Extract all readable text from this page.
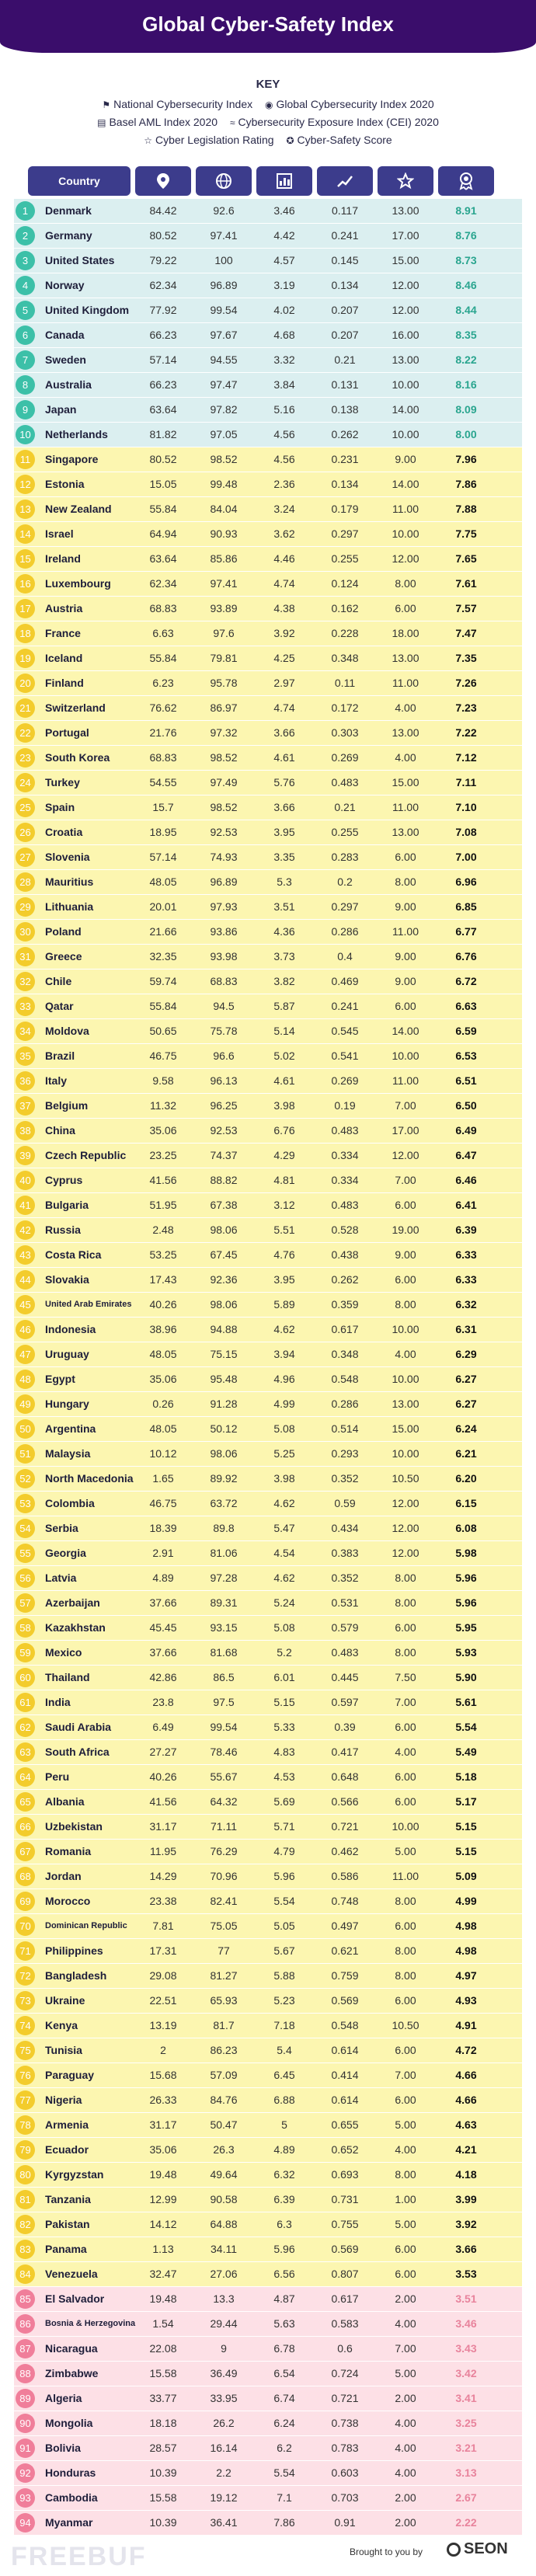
Global Cyber-Safety Index
KEY
⚑ National Cybersecurity Index ◉ Global Cybersecurity Index 2020
▤ Basel AML Index 2020 ≈ Cybersecurity Exposure Index (CEI) 2020
☆ Cyber Legislation Rating ✪ Cyber-Safety Score
Country
1	Denmark	84.42	92.6	3.46	0.117	13.00	8.91
2	Germany	80.52	97.41	4.42	0.241	17.00	8.76
3	United States	79.22	100	4.57	0.145	15.00	8.73
4	Norway	62.34	96.89	3.19	0.134	12.00	8.46
5	United Kingdom	77.92	99.54	4.02	0.207	12.00	8.44
6	Canada	66.23	97.67	4.68	0.207	16.00	8.35
7	Sweden	57.14	94.55	3.32	0.21	13.00	8.22
8	Australia	66.23	97.47	3.84	0.131	10.00	8.16
9	Japan	63.64	97.82	5.16	0.138	14.00	8.09
10	Netherlands	81.82	97.05	4.56	0.262	10.00	8.00
11	Singapore	80.52	98.52	4.56	0.231	9.00	7.96
12	Estonia	15.05	99.48	2.36	0.134	14.00	7.86
13	New Zealand	55.84	84.04	3.24	0.179	11.00	7.88
14	Israel	64.94	90.93	3.62	0.297	10.00	7.75
15	Ireland	63.64	85.86	4.46	0.255	12.00	7.65
16	Luxembourg	62.34	97.41	4.74	0.124	8.00	7.61
17	Austria	68.83	93.89	4.38	0.162	6.00	7.57
18	France	6.63	97.6	3.92	0.228	18.00	7.47
19	Iceland	55.84	79.81	4.25	0.348	13.00	7.35
20	Finland	6.23	95.78	2.97	0.11	11.00	7.26
21	Switzerland	76.62	86.97	4.74	0.172	4.00	7.23
22	Portugal	21.76	97.32	3.66	0.303	13.00	7.22
23	South Korea	68.83	98.52	4.61	0.269	4.00	7.12
24	Turkey	54.55	97.49	5.76	0.483	15.00	7.11
25	Spain	15.7	98.52	3.66	0.21	11.00	7.10
26	Croatia	18.95	92.53	3.95	0.255	13.00	7.08
27	Slovenia	57.14	74.93	3.35	0.283	6.00	7.00
28	Mauritius	48.05	96.89	5.3	0.2	8.00	6.96
29	Lithuania	20.01	97.93	3.51	0.297	9.00	6.85
30	Poland	21.66	93.86	4.36	0.286	11.00	6.77
31	Greece	32.35	93.98	3.73	0.4	9.00	6.76
32	Chile	59.74	68.83	3.82	0.469	9.00	6.72
33	Qatar	55.84	94.5	5.87	0.241	6.00	6.63
34	Moldova	50.65	75.78	5.14	0.545	14.00	6.59
35	Brazil	46.75	96.6	5.02	0.541	10.00	6.53
36	Italy	9.58	96.13	4.61	0.269	11.00	6.51
37	Belgium	11.32	96.25	3.98	0.19	7.00	6.50
38	China	35.06	92.53	6.76	0.483	17.00	6.49
39	Czech Republic	23.25	74.37	4.29	0.334	12.00	6.47
40	Cyprus	41.56	88.82	4.81	0.334	7.00	6.46
41	Bulgaria	51.95	67.38	3.12	0.483	6.00	6.41
42	Russia	2.48	98.06	5.51	0.528	19.00	6.39
43	Costa Rica	53.25	67.45	4.76	0.438	9.00	6.33
44	Slovakia	17.43	92.36	3.95	0.262	6.00	6.33
45	United Arab Emirates	40.26	98.06	5.89	0.359	8.00	6.32
46	Indonesia	38.96	94.88	4.62	0.617	10.00	6.31
47	Uruguay	48.05	75.15	3.94	0.348	4.00	6.29
48	Egypt	35.06	95.48	4.96	0.548	10.00	6.27
49	Hungary	0.26	91.28	4.99	0.286	13.00	6.27
50	Argentina	48.05	50.12	5.08	0.514	15.00	6.24
51	Malaysia	10.12	98.06	5.25	0.293	10.00	6.21
52	North Macedonia	1.65	89.92	3.98	0.352	10.50	6.20
53	Colombia	46.75	63.72	4.62	0.59	12.00	6.15
54	Serbia	18.39	89.8	5.47	0.434	12.00	6.08
55	Georgia	2.91	81.06	4.54	0.383	12.00	5.98
56	Latvia	4.89	97.28	4.62	0.352	8.00	5.96
57	Azerbaijan	37.66	89.31	5.24	0.531	8.00	5.96
58	Kazakhstan	45.45	93.15	5.08	0.579	6.00	5.95
59	Mexico	37.66	81.68	5.2	0.483	8.00	5.93
60	Thailand	42.86	86.5	6.01	0.445	7.50	5.90
61	India	23.8	97.5	5.15	0.597	7.00	5.61
62	Saudi Arabia	6.49	99.54	5.33	0.39	6.00	5.54
63	South Africa	27.27	78.46	4.83	0.417	4.00	5.49
64	Peru	40.26	55.67	4.53	0.648	6.00	5.18
65	Albania	41.56	64.32	5.69	0.566	6.00	5.17
66	Uzbekistan	31.17	71.11	5.71	0.721	10.00	5.15
67	Romania	11.95	76.29	4.79	0.462	5.00	5.15
68	Jordan	14.29	70.96	5.96	0.586	11.00	5.09
69	Morocco	23.38	82.41	5.54	0.748	8.00	4.99
70	Dominican Republic	7.81	75.05	5.05	0.497	6.00	4.98
71	Philippines	17.31	77	5.67	0.621	8.00	4.98
72	Bangladesh	29.08	81.27	5.88	0.759	8.00	4.97
73	Ukraine	22.51	65.93	5.23	0.569	6.00	4.93
74	Kenya	13.19	81.7	7.18	0.548	10.50	4.91
75	Tunisia	2	86.23	5.4	0.614	6.00	4.72
76	Paraguay	15.68	57.09	6.45	0.414	7.00	4.66
77	Nigeria	26.33	84.76	6.88	0.614	6.00	4.66
78	Armenia	31.17	50.47	5	0.655	5.00	4.63
79	Ecuador	35.06	26.3	4.89	0.652	4.00	4.21
80	Kyrgyzstan	19.48	49.64	6.32	0.693	8.00	4.18
81	Tanzania	12.99	90.58	6.39	0.731	1.00	3.99
82	Pakistan	14.12	64.88	6.3	0.755	5.00	3.92
83	Panama	1.13	34.11	5.96	0.569	6.00	3.66
84	Venezuela	32.47	27.06	6.56	0.807	6.00	3.53
85	El Salvador	19.48	13.3	4.87	0.617	2.00	3.51
86	Bosnia & Herzegovina	1.54	29.44	5.63	0.583	4.00	3.46
87	Nicaragua	22.08	9	6.78	0.6	7.00	3.43
88	Zimbabwe	15.58	36.49	6.54	0.724	5.00	3.42
89	Algeria	33.77	33.95	6.74	0.721	2.00	3.41
90	Mongolia	18.18	26.2	6.24	0.738	4.00	3.25
91	Bolivia	28.57	16.14	6.2	0.783	4.00	3.21
92	Honduras	10.39	2.2	5.54	0.603	4.00	3.13
93	Cambodia	15.58	19.12	7.1	0.703	2.00	2.67
94	Myanmar	10.39	36.41	7.86	0.91	2.00	2.22
FREEBUF	Brought to you by	SEON
